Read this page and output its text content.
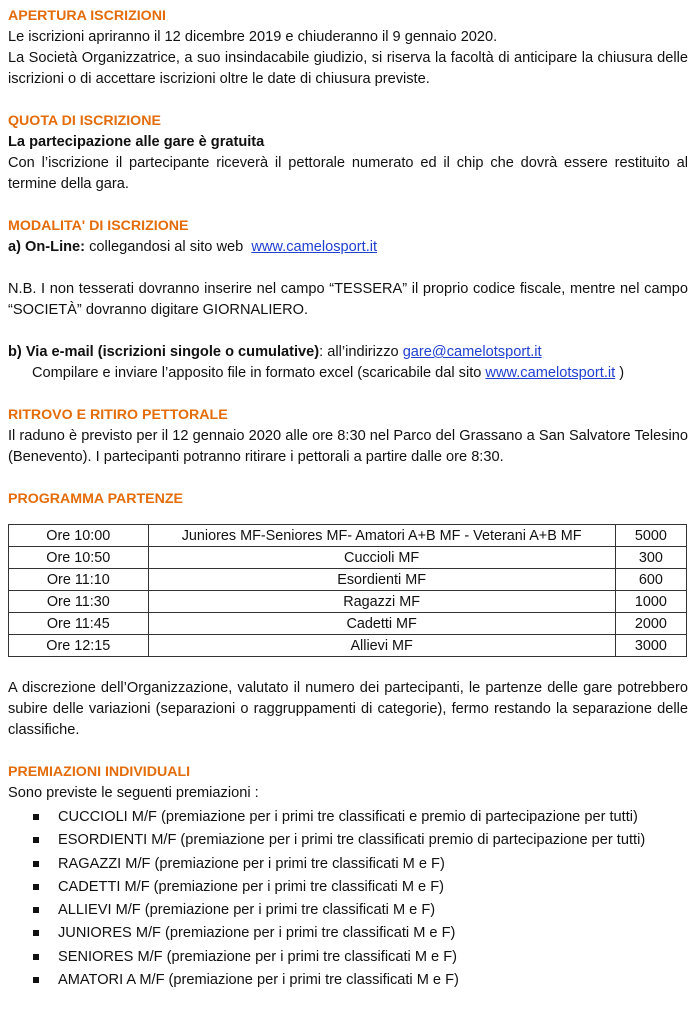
APERTURA ISCRIZIONI

Le iscrizioni apriranno il 12 dicembre 2019 e chiuderanno il 9 gennaio 2020.

La Società Organizzatrice, a suo insindacabile giudizio, si riserva la facoltà di anticipare la chiusura delle iscrizioni o di accettare iscrizioni oltre le date di chiusura previste.

QUOTA DI ISCRIZIONE

La partecipazione alle gare è gratuita

Con l’iscrizione il partecipante riceverà il pettorale numerato ed il chip che dovrà essere restituito al termine della gara.

MODALITA' DI ISCRIZIONE

a) On-Line: collegandosi al sito web  www.camelosport.it

N.B. I non tesserati dovranno inserire nel campo “TESSERA” il proprio codice fiscale, mentre nel campo “SOCIETÀ” dovranno digitare GIORNALIERO.

b) Via e-mail (iscrizioni singole o cumulative): all’indirizzo gare@camelotsport.it

Compilare e inviare l’apposito file in formato excel (scaricabile dal sito www.camelotsport.it )

RITROVO E RITIRO PETTORALE

Il raduno è previsto per il 12 gennaio 2020 alle ore 8:30 nel Parco del Grassano a San Salvatore Telesino (Benevento). I partecipanti potranno ritirare i pettorali a partire dalle ore 8:30.

PROGRAMMA PARTENZE
Ore 10:00	Juniores MF-Seniores MF- Amatori A+B MF - Veterani A+B MF	5000
Ore 10:50	Cuccioli MF	300
Ore 11:10	Esordienti MF	600
Ore 11:30	Ragazzi MF	1000
Ore 11:45	Cadetti MF	2000
Ore 12:15	Allievi MF	3000

A discrezione dell’Organizzazione, valutato il numero dei partecipanti, le partenze delle gare potrebbero subire delle variazioni (separazioni o raggruppamenti di categorie), fermo restando la separazione delle classifiche.

PREMIAZIONI INDIVIDUALI

Sono previste le seguenti premiazioni :

CUCCIOLI M/F (premiazione per i primi tre classificati e premio di partecipazione per tutti)
ESORDIENTI M/F (premiazione per i primi tre classificati premio di partecipazione per tutti)
RAGAZZI M/F (premiazione per i primi tre classificati M e F)
CADETTI M/F (premiazione per i primi tre classificati M e F)
ALLIEVI M/F (premiazione per i primi tre classificati M e F)
JUNIORES M/F (premiazione per i primi tre classificati M e F)
SENIORES M/F (premiazione per i primi tre classificati M e F)
AMATORI A M/F (premiazione per i primi tre classificati M e F)
